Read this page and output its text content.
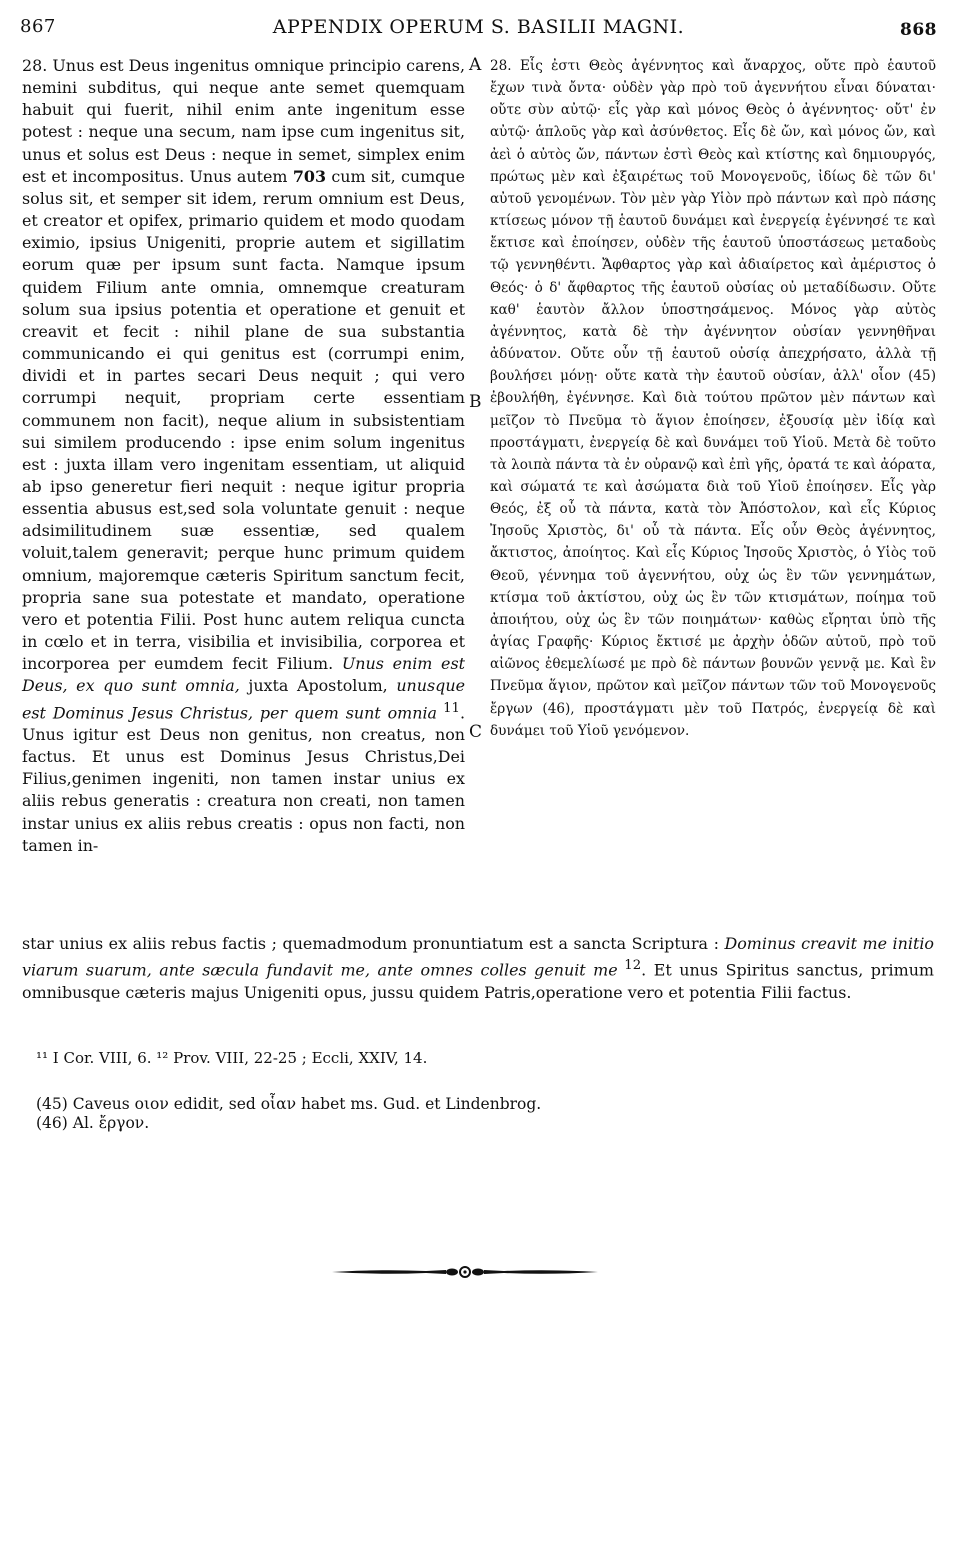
867	APPENDIX OPERUM S. BASILII MAGNI.	868

28. Unus est Deus ingenitus omnique principio carens, nemini subditus, qui neque ante semet quemquam habuit qui fuerit, nihil enim ante ingenitum esse potest : neque una secum, nam ipse cum ingenitus sit, unus et solus est Deus : neque in semet, simplex enim est et incompositus. Unus autem 703 cum sit, cumque solus sit, et semper sit idem, rerum omnium est Deus, et creator et opifex, primario quidem et modo quodam eximio, ipsius Unigeniti, proprie autem et sigillatim eorum quæ per ipsum sunt facta. Namque ipsum quidem Filium ante omnia, omnemque creaturam solum sua ipsius potentia et operatione et genuit et creavit et fecit : nihil plane de sua substantia communicando ei qui genitus est (corrumpi enim, dividi et in partes secari Deus nequit ; qui vero corrumpi nequit, propriam certe essentiam communem non facit), neque alium in subsistentiam sui similem producendo : ipse enim solum ingenitus est : juxta illam vero ingenitam essentiam, ut aliquid ab ipso generetur fieri nequit : neque igitur propria essentia abusus est,sed sola voluntate genuit : neque adsimilitudinem suæ essentiæ, sed qualem voluit,talem generavit; perque hunc primum quidem omnium, majoremque cæteris Spiritum sanctum fecit, propria sane sua potestate et mandato, operatione vero et potentia Filii. Post hunc autem reliqua cuncta in cœlo et in terra, visibilia et invisibilia, corporea et incorporea per eumdem fecit Filium. Unus enim est Deus, ex quo sunt omnia, juxta Apostolum, unusque est Dominus Jesus Christus, per quem sunt omnia $^{11}$. Unus igitur est Deus non genitus, non creatus, non factus. Et unus est Dominus Jesus Christus,Dei Filius,genimen ingeniti, non tamen instar unius ex aliis rebus generatis : creatura non creati, non tamen instar unius ex aliis rebus creatis : opus non facti, non tamen in-

A
B
C

28. Εἷς ἐστι Θεὸς ἀγέννητος καὶ ἄναρχος, οὔτε πρὸ ἑαυτοῦ ἔχων τινὰ ὄντα· οὐδὲν γὰρ πρὸ τοῦ ἀγεννήτου εἶναι δύναται· οὔτε σὺν αὐτῷ· εἷς γὰρ καὶ μόνος Θεὸς ὁ ἀγέννητος· οὔτ' ἐν αὐτῷ· ἁπλοῦς γὰρ καὶ ἀσύνθετος. Εἷς δὲ ὤν, καὶ μόνος ὤν, καὶ ἀεὶ ὁ αὐτὸς ὤν, πάντων ἐστὶ Θεὸς καὶ κτίστης καὶ δημιουργός, πρώτως μὲν καὶ ἐξαιρέτως τοῦ Μονογενοῦς, ἰδίως δὲ τῶν δι' αὐτοῦ γενομένων. Τὸν μὲν γὰρ Υἱὸν πρὸ πάντων καὶ πρὸ πάσης κτίσεως μόνον τῇ ἑαυτοῦ δυνάμει καὶ ἐνεργείᾳ ἐγέννησέ τε καὶ ἔκτισε καὶ ἐποίησεν, οὐδὲν τῆς ἑαυτοῦ ὑποστάσεως μεταδοὺς τῷ γεννηθέντι. Ἄφθαρτος γὰρ καὶ ἀδιαίρετος καὶ ἀμέριστος ὁ Θεός· ὁ δ' ἄφθαρτος τῆς ἑαυτοῦ οὐσίας οὐ μεταδίδωσιν. Οὔτε καθ' ἑαυτὸν ἄλλον ὑποστησάμενος. Μόνος γὰρ αὐτὸς ἀγέννητος, κατὰ δὲ τὴν ἀγέννητον οὐσίαν γεννηθῆναι ἀδύνατον. Οὔτε οὖν τῇ ἑαυτοῦ οὐσίᾳ ἀπεχρήσατο, ἀλλὰ τῇ βουλήσει μόνῃ· οὔτε κατὰ τὴν ἑαυτοῦ οὐσίαν, ἀλλ' οἷον (45) ἐβουλήθη, ἐγέννησε. Καὶ διὰ τούτου πρῶτον μὲν πάντων καὶ μεῖζον τὸ Πνεῦμα τὸ ἅγιον ἐποίησεν, ἐξουσίᾳ μὲν ἰδίᾳ καὶ προστάγματι, ἐνεργείᾳ δὲ καὶ δυνάμει τοῦ Υἱοῦ. Μετὰ δὲ τοῦτο τὰ λοιπὰ πάντα τὰ ἐν οὐρανῷ καὶ ἐπὶ γῆς, ὁρατά τε καὶ ἀόρατα, καὶ σώματά τε καὶ ἀσώματα διὰ τοῦ Υἱοῦ ἐποίησεν. Εἷς γὰρ Θεός, ἐξ οὗ τὰ πάντα, κατὰ τὸν Ἀπόστολον, καὶ εἷς Κύριος Ἰησοῦς Χριστὸς, δι' οὗ τὰ πάντα. Εἷς οὖν Θεὸς ἀγέννητος, ἄκτιστος, ἀποίητος. Καὶ εἷς Κύριος Ἰησοῦς Χριστὸς, ὁ Υἱὸς τοῦ Θεοῦ, γέννημα τοῦ ἀγεννήτου, οὐχ ὡς ἓν τῶν γεννημάτων, κτίσμα τοῦ ἀκτίστου, οὐχ ὡς ἓν τῶν κτισμάτων, ποίημα τοῦ ἀποιήτου, οὐχ ὡς ἓν τῶν ποιημάτων· καθὼς εἴρηται ὑπὸ τῆς ἁγίας Γραφῆς· Κύριος ἔκτισέ με ἀρχὴν ὁδῶν αὐτοῦ, πρὸ τοῦ αἰῶνος ἐθεμελίωσέ με πρὸ δὲ πάντων βουνῶν γεννᾷ με. Καὶ ἓν Πνεῦμα ἅγιον, πρῶτον καὶ μεῖζον πάντων τῶν τοῦ Μονογενοῦς ἔργων (46), προστάγματι μὲν τοῦ Πατρός, ἐνεργείᾳ δὲ καὶ δυνάμει τοῦ Υἱοῦ γενόμενον.

star unius ex aliis rebus factis ; quemadmodum pronuntiatum est a sancta Scriptura : Dominus creavit me initio viarum suarum, ante sæcula fundavit me, ante omnes colles genuit me $^{12}$. Et unus Spiritus sanctus, primum omnibusque cæteris majus Unigeniti opus, jussu quidem Patris,operatione vero et potentia Filii factus.

¹¹ I Cor. VIII, 6. ¹² Prov. VIII, 22-25 ; Eccli, XXIV, 14.

(45) Caveus οιον edidit, sed οἷαν habet ms. Gud. et Lindenbrog.

(46) Al. ἔργον.
